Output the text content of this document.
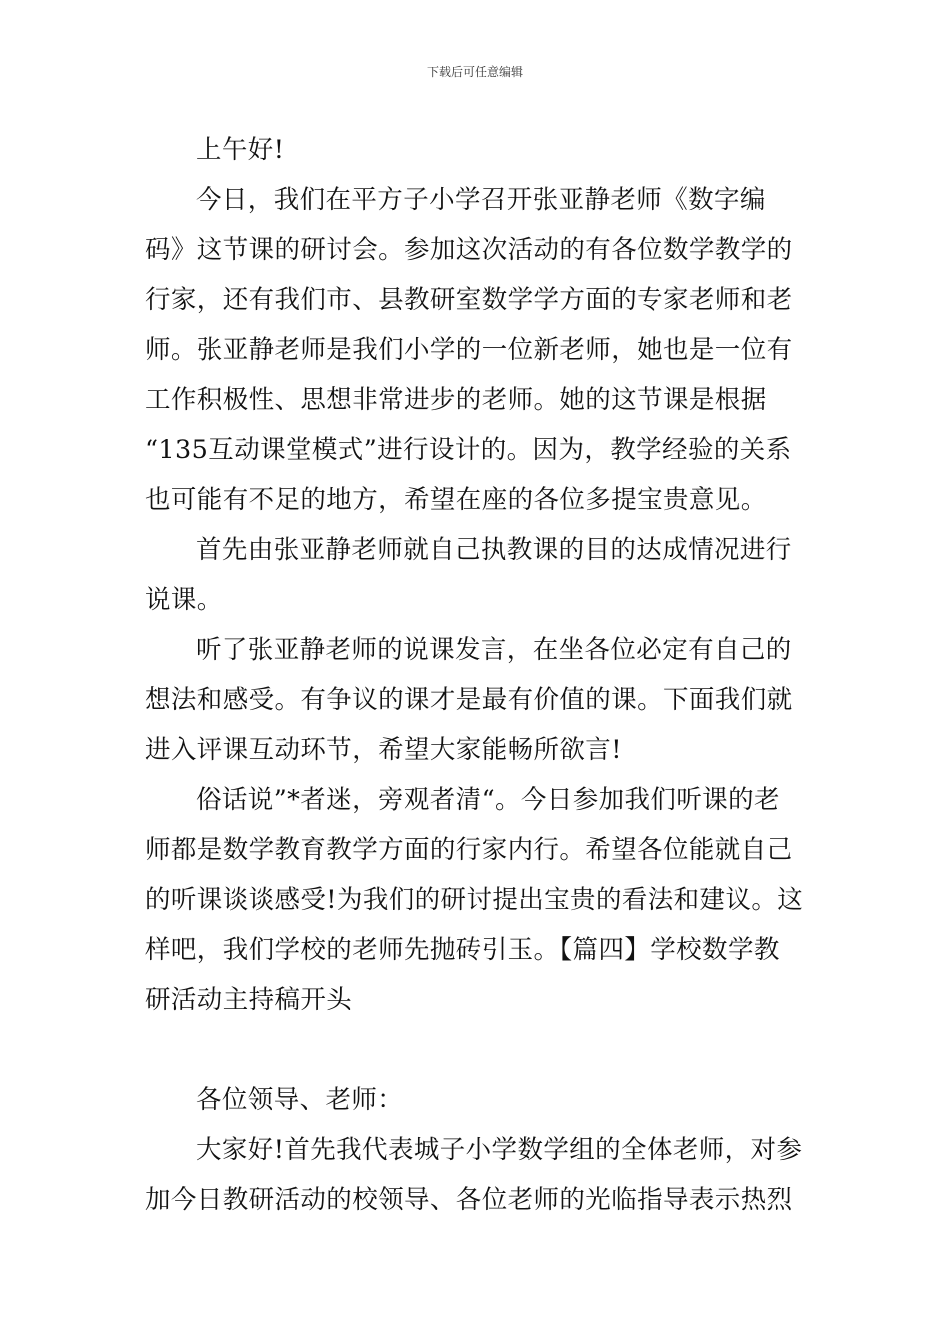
下载后可任意编辑

上午好!

今日，我们在平方子小学召开张亚静老师《数字编
码》这节课的研讨会。参加这次活动的有各位数学教学的
行家，还有我们市、县教研室数学学方面的专家老师和老
师。张亚静老师是我们小学的一位新老师，她也是一位有
工作积极性、思想非常进步的老师。她的这节课是根据
“135互动课堂模式”进行设计的。因为，教学经验的关系
也可能有不足的地方，希望在座的各位多提宝贵意见。

首先由张亚静老师就自己执教课的目的达成情况进行
说课。

听了张亚静老师的说课发言，在坐各位必定有自己的
想法和感受。有争议的课才是最有价值的课。下面我们就
进入评课互动环节，希望大家能畅所欲言!

俗话说”*者迷，旁观者清“。今日参加我们听课的老
师都是数学教育教学方面的行家内行。希望各位能就自己
的听课谈谈感受!为我们的研讨提出宝贵的看法和建议。这
样吧，我们学校的老师先抛砖引玉。【篇四】学校数学教
研活动主持稿开头

各位领导、老师：

大家好!首先我代表城子小学数学组的全体老师，对参
加今日教研活动的校领导、各位老师的光临指导表示热烈
